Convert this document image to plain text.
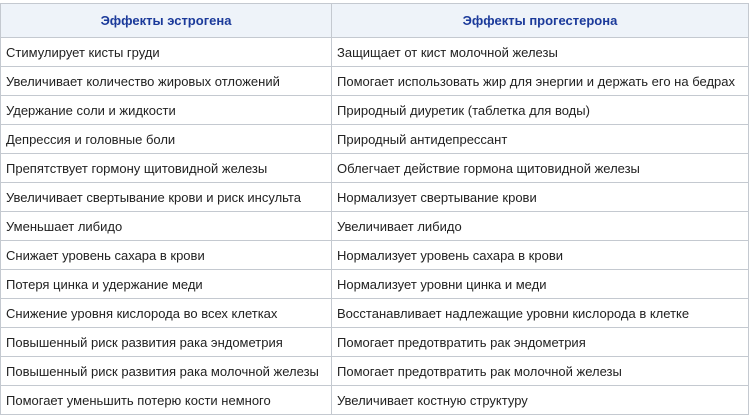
Эффекты эстрогена	Эффекты прогестерона
Стимулирует кисты груди	Защищает от кист молочной железы
Увеличивает количество жировых отложений	Помогает использовать жир для энергии и держать его на бедрах
Удержание соли и жидкости	Природный диуретик (таблетка для воды)
Депрессия и головные боли	Природный антидепрессант
Препятствует гормону щитовидной железы	Облегчает действие гормона щитовидной железы
Увеличивает свертывание крови и риск инсульта	Нормализует свертывание крови
Уменьшает либидо	Увеличивает либидо
Снижает уровень сахара в крови	Нормализует уровень сахара в крови
Потеря цинка и удержание меди	Нормализует уровни цинка и меди
Снижение уровня кислорода во всех клетках	Восстанавливает надлежащие уровни кислорода в клетке
Повышенный риск развития рака эндометрия	Помогает предотвратить рак эндометрия
Повышенный риск развития рака молочной железы	Помогает предотвратить рак молочной железы
Помогает уменьшить потерю кости немного	Увеличивает костную структуру
